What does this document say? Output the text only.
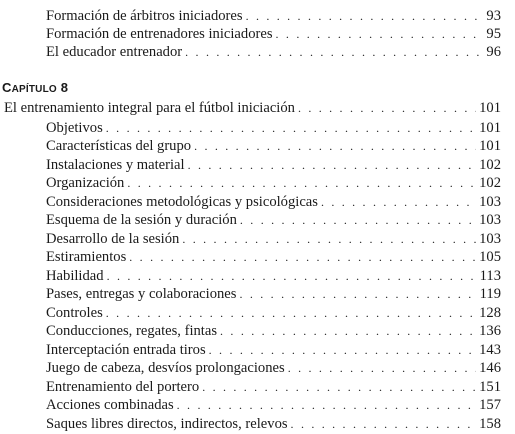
Formación de árbitros iniciadores . . .	93
Formación de entrenadores iniciadores . . .	95
El educador entrenador . . .	96
CAPÍTULO 8
El entrenamiento integral para el fútbol iniciación . . .	101
Objetivos . . .	101
Características del grupo . . .	101
Instalaciones y material . . .	102
Organización . . .	102
Consideraciones metodológicas y psicológicas . . .	103
Esquema de la sesión y duración . . .	103
Desarrollo de la sesión . . .	103
Estiramientos . . .	105
Habilidad . . .	113
Pases, entregas y colaboraciones . . .	119
Controles . . .	128
Conducciones, regates, fintas . . .	136
Interceptación entrada tiros . . .	143
Juego de cabeza, desvíos prolongaciones . . .	146
Entrenamiento del portero . . .	151
Acciones combinadas . . .	157
Saques libres directos, indirectos, relevos . . .	158
